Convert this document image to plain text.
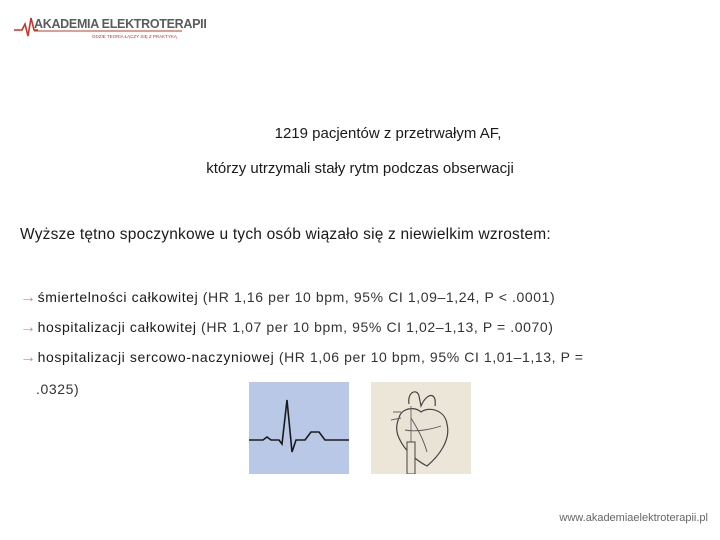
AKADEMIA ELEKTROTERAPII
GDZIE TEORIA ŁĄCZY SIĘ Z PRAKTYKĄ
1219 pacjentów z przetrwałym AF,
którzy utrzymali stały rytm podczas obserwacji
Wyższe tętno spoczynkowe u tych osób wiązało się z niewielkim wzrostem:
→śmiertelności całkowitej (HR 1,16 per 10 bpm, 95% CI 1,09–1,24, P < .0001)
→hospitalizacji całkowitej (HR 1,07 per 10 bpm, 95% CI 1,02–1,13, P = .0070)
→hospitalizacji sercowo-naczyniowej (HR 1,06 per 10 bpm, 95% CI 1,01–1,13, P =
.0325)
www.akademiaelektroterapii.pl
